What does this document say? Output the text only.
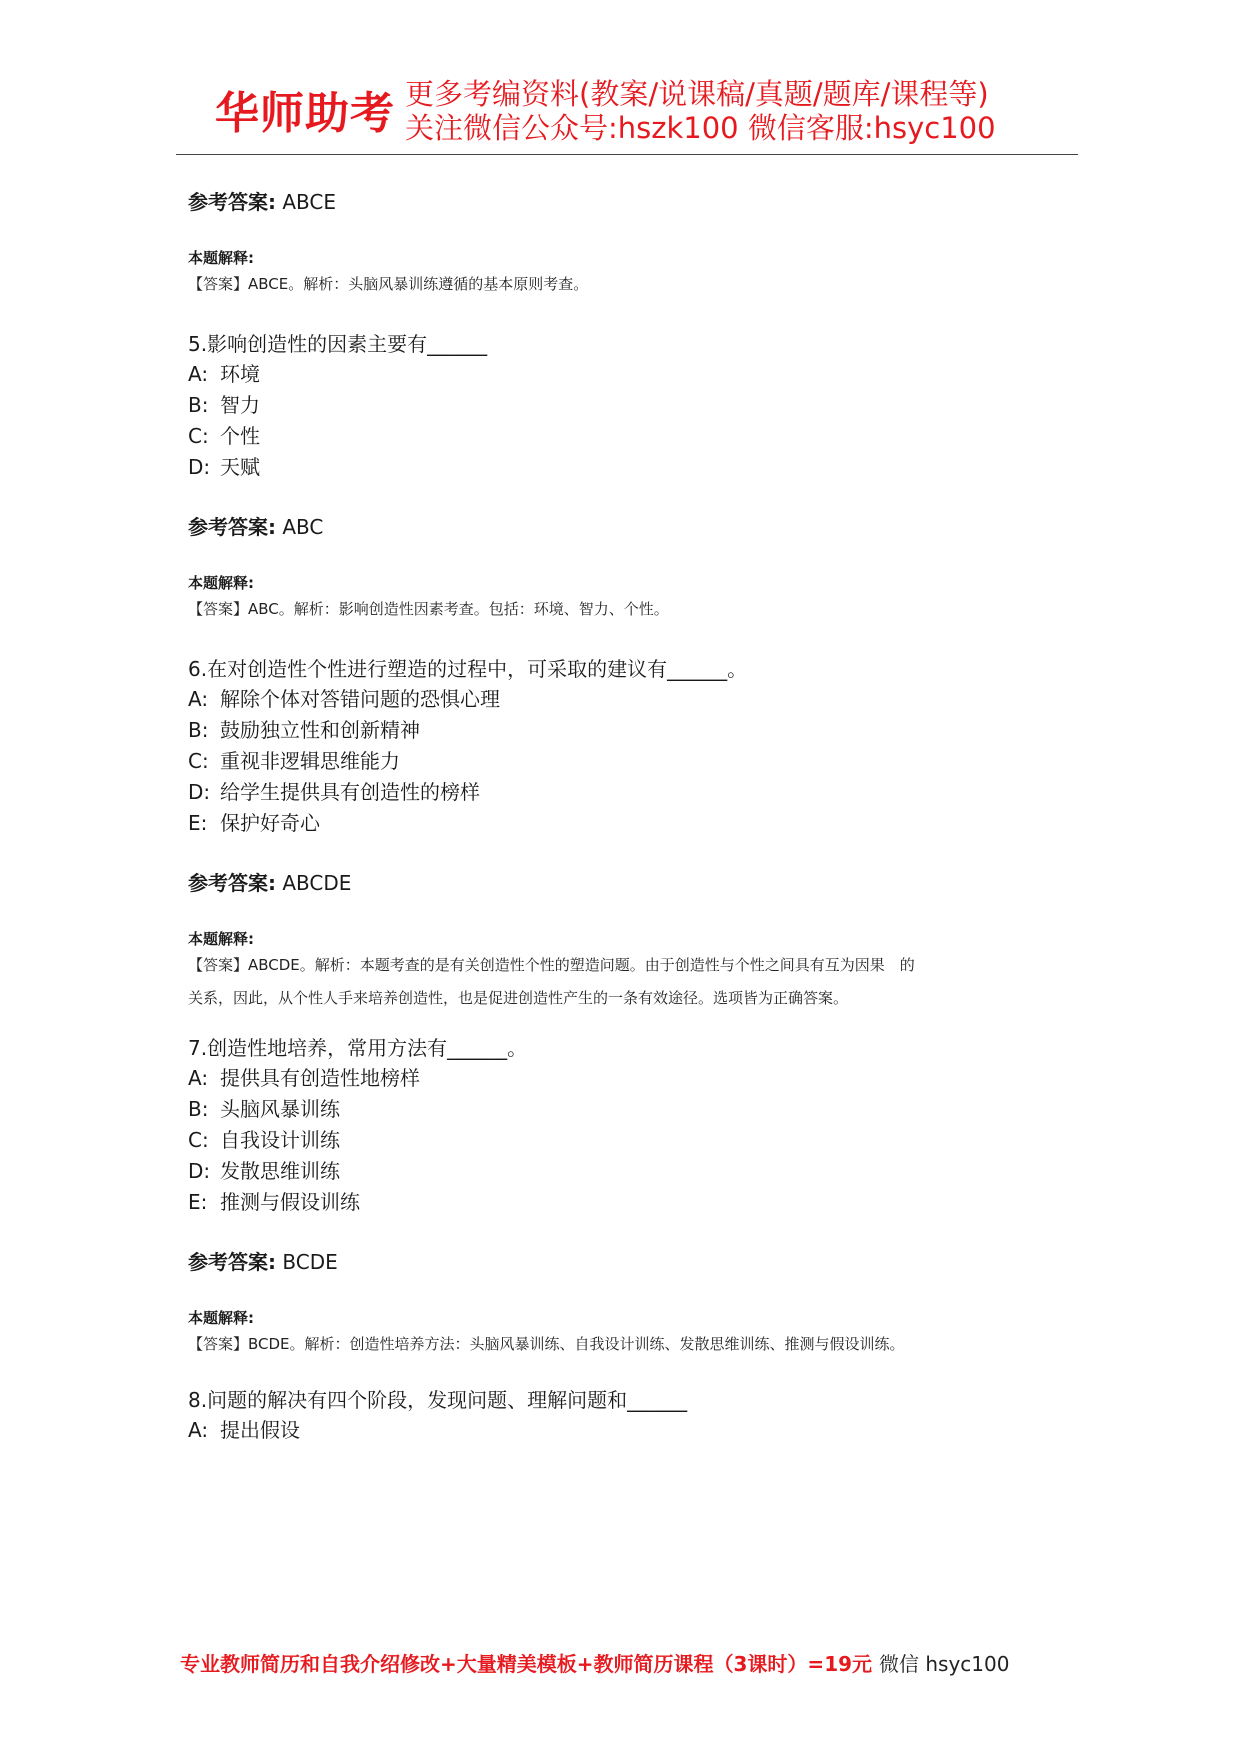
华师助考 更多考编资料(教案/说课稿/真题/题库/课程等)
关注微信公众号:hszk100 微信客服:hsyc100

参考答案: ABCE

本题解释:

【答案】ABCE。解析：头脑风暴训练遵循的基本原则考查。

5.影响创造性的因素主要有______

A: 环境

B: 智力

C: 个性

D: 天赋

参考答案: ABC

本题解释:

【答案】ABC。解析：影响创造性因素考查。包括：环境、智力、个性。

6.在对创造性个性进行塑造的过程中，可采取的建议有______。

A: 解除个体对答错问题的恐惧心理

B: 鼓励独立性和创新精神

C: 重视非逻辑思维能力

D: 给学生提供具有创造性的榜样

E: 保护好奇心

参考答案: ABCDE

本题解释:

【答案】ABCDE。解析：本题考查的是有关创造性个性的塑造问题。由于创造性与个性之间具有互为因果　的

关系，因此，从个性人手来培养创造性，也是促进创造性产生的一条有效途径。选项皆为正确答案。

7.创造性地培养，常用方法有______。

A: 提供具有创造性地榜样

B: 头脑风暴训练

C: 自我设计训练

D: 发散思维训练

E: 推测与假设训练

参考答案: BCDE

本题解释:

【答案】BCDE。解析：创造性培养方法：头脑风暴训练、自我设计训练、发散思维训练、推测与假设训练。

8.问题的解决有四个阶段，发现问题、理解问题和______

A: 提出假设

专业教师简历和自我介绍修改+大量精美模板+教师简历课程（3课时）=19元 微信 hsyc100
